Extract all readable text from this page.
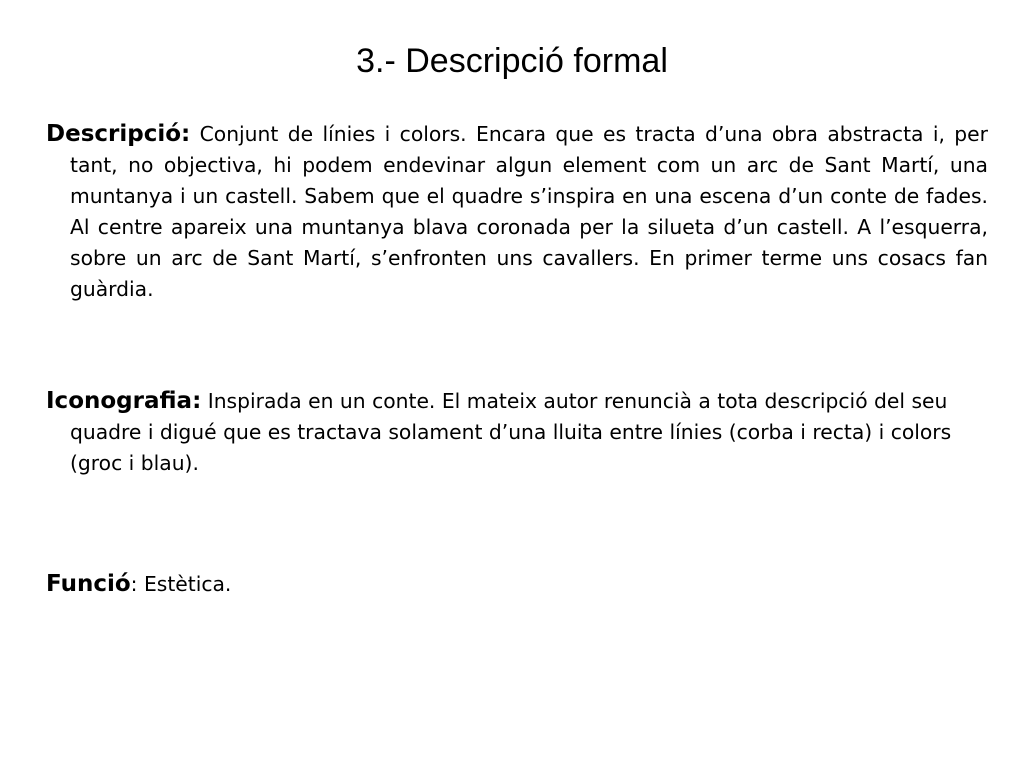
3.- Descripció formal

Descripció: Conjunt de línies i colors. Encara que es tracta d’una obra abstracta i, per tant, no objectiva, hi podem endevinar algun element com un arc de Sant Martí, una muntanya i un castell. Sabem que el quadre s’inspira en una escena d’un conte de fades. Al centre apareix una muntanya blava coronada per la silueta d’un castell. A l’esquerra, sobre un arc de Sant Martí, s’enfronten uns cavallers. En primer terme uns cosacs fan guàrdia.

Iconografia: Inspirada en un conte. El mateix autor renuncià a tota descripció del seu quadre i digué que es tractava solament d’una lluita entre línies (corba i recta) i colors (groc i blau).

Funció: Estètica.
